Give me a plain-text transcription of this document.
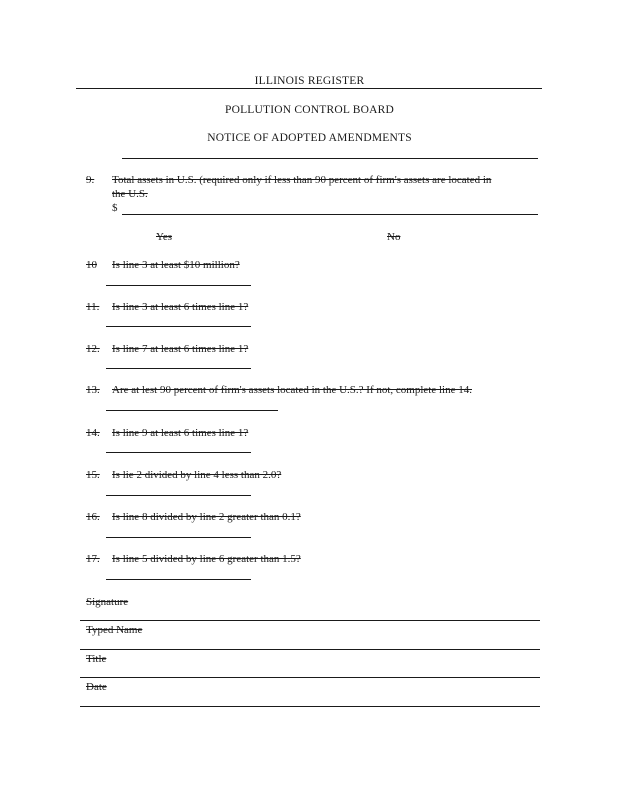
ILLINOIS REGISTER
POLLUTION CONTROL BOARD
NOTICE OF ADOPTED AMENDMENTS
9. Total assets in U.S. (required only if less than 90 percent of firm's assets are located in
the U.S.
$
Yes	No
10 Is line 3 at least $10 million?
11. Is line 3 at least 6 times line 1?
12. Is line 7 at least 6 times line 1?
13. Are at lest 90 percent of firm's assets located in the U.S.? If not, complete line 14.
14. Is line 9 at least 6 times line 1?
15. Is lie 2 divided by line 4 less than 2.0?
16. Is line 8 divided by line 2 greater than 0.1?
17. Is line 5 divided by line 6 greater than 1.5?
Signature
Typed Name
Title
Date
